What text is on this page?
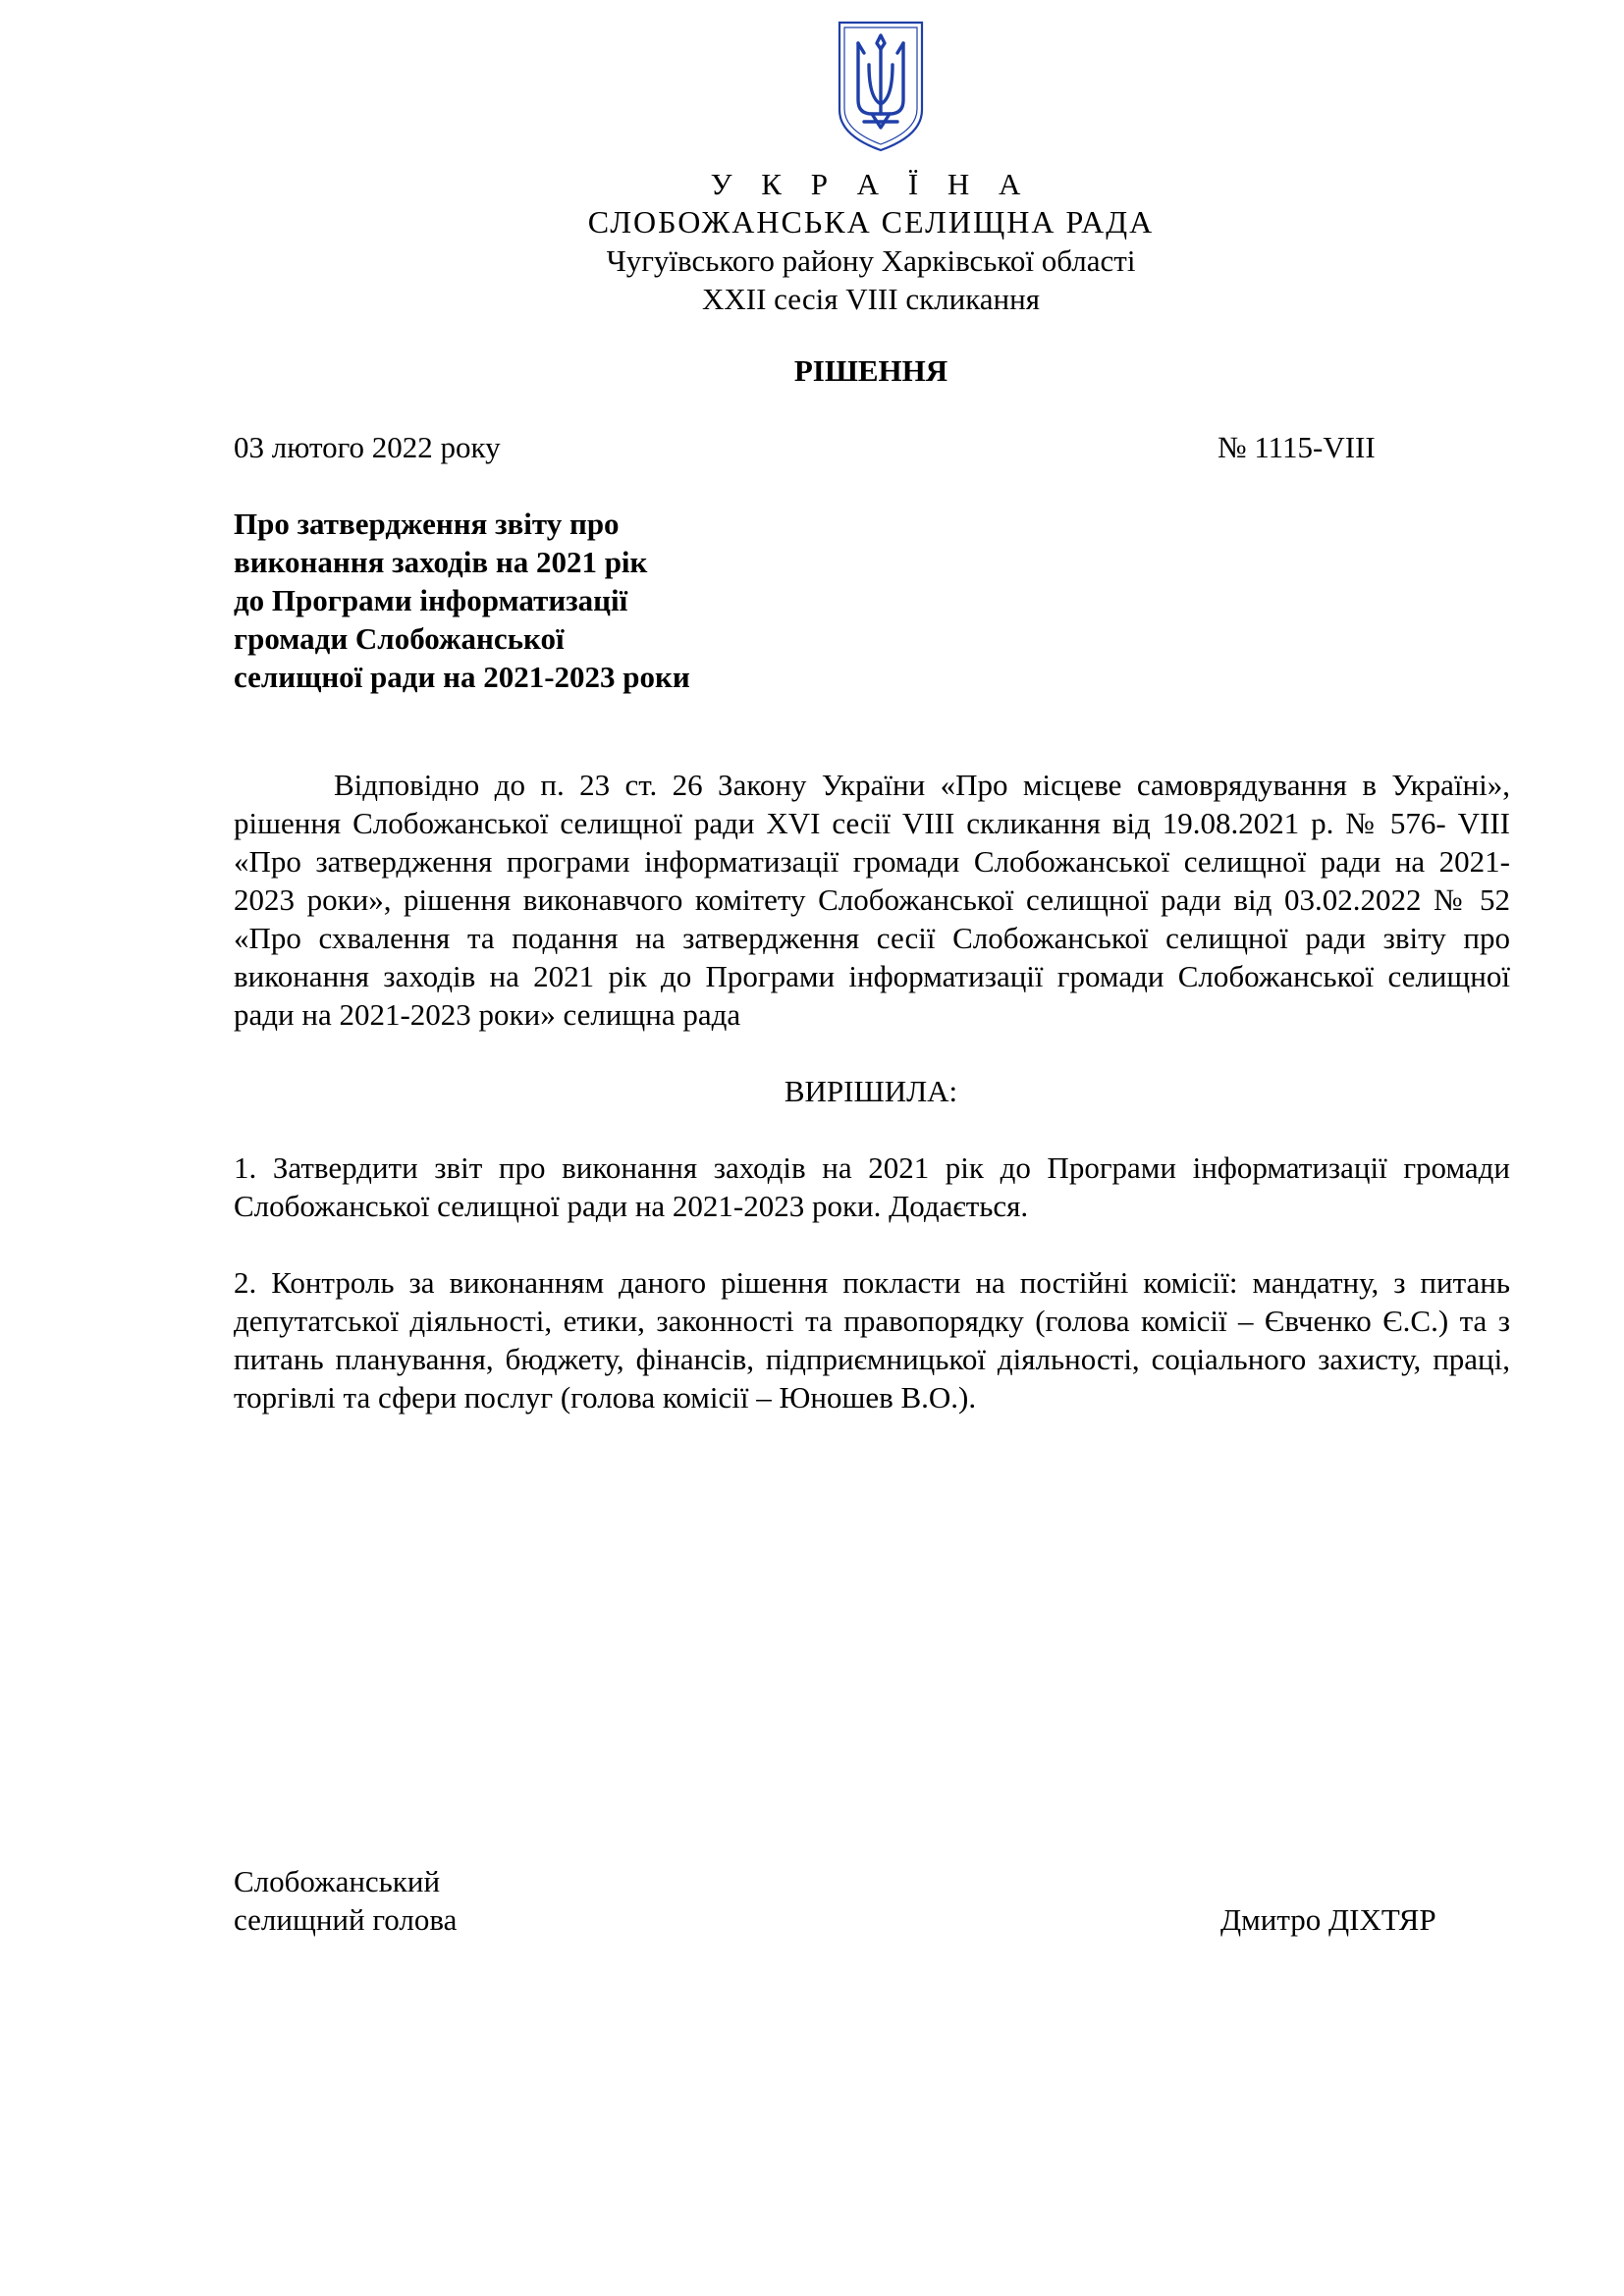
У К Р А Ї Н А
СЛОБОЖАНСЬКА СЕЛИЩНА РАДА
Чугуївського району Харківської області
XXII сесія VIII скликання
РІШЕННЯ
03 лютого 2022 року	№ 1115-VIII
Про затвердження звіту про
виконання заходів на 2021 рік
до Програми інформатизації
громади Слобожанської
селищної ради на 2021-2023 роки

Відповідно до п. 23 ст. 26 Закону України «Про місцеве самоврядування в Україні», рішення Слобожанської селищної ради XVI сесії VIII скликання від 19.08.2021 р. № 576- VIII «Про затвердження програми інформатизації громади Слобожанської селищної ради на 2021-2023 роки», рішення виконавчого комітету Слобожанської селищної ради від 03.02.2022 № 52 «Про схвалення та подання на затвердження сесії Слобожанської селищної ради звіту про виконання заходів на 2021 рік до Програми інформатизації громади Слобожанської селищної ради на 2021-2023 роки» селищна рада

ВИРІШИЛА:

1. Затвердити звіт про виконання заходів на 2021 рік до Програми інформатизації громади Слобожанської селищної ради на 2021-2023 роки. Додається.

2. Контроль за виконанням даного рішення покласти на постійні комісії: мандатну, з питань депутатської діяльності, етики, законності та правопорядку (голова комісії – Євченко Є.С.) та з питань планування, бюджету, фінансів, підприємницької діяльності, соціального захисту, праці, торгівлі та сфери послуг (голова комісії – Юношев В.О.).

Слобожанський
селищний голова	Дмитро ДІХТЯР
